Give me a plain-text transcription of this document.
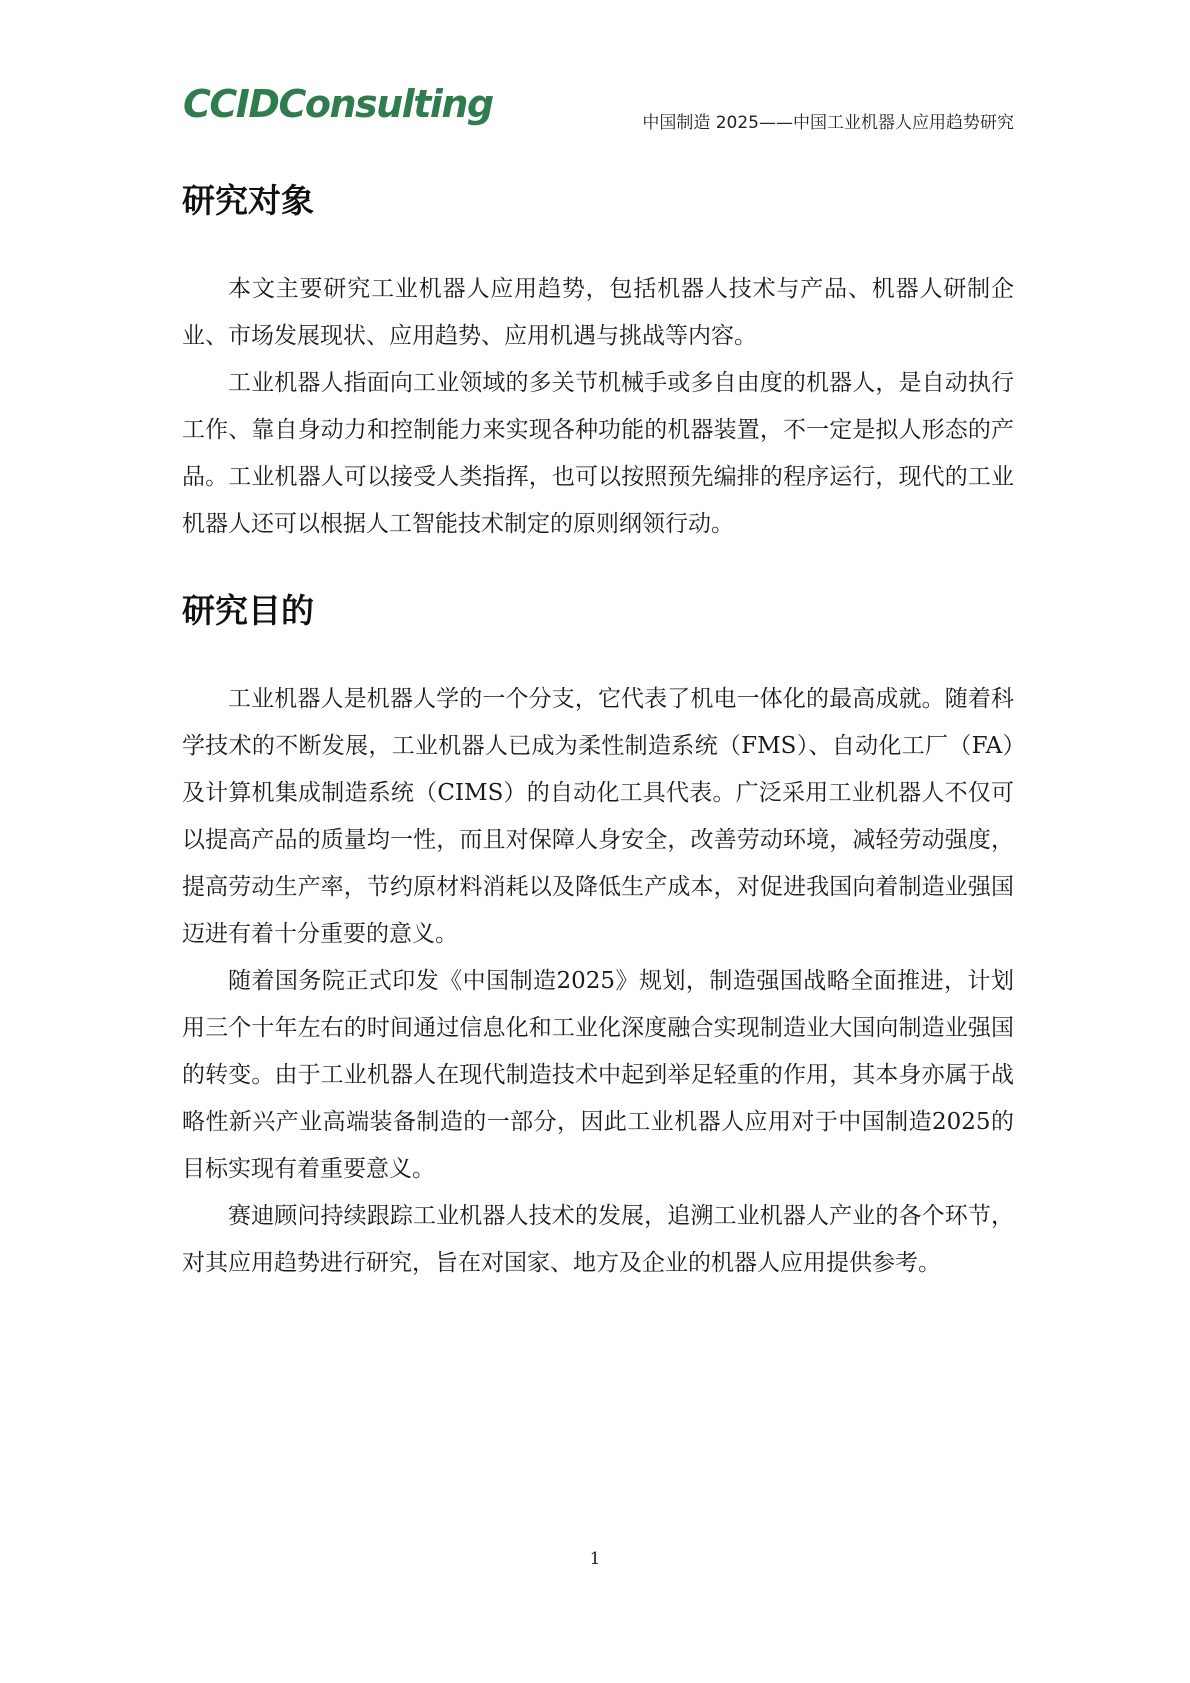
CCIDConsulting	中国制造 2025——中国工业机器人应用趋势研究
研究对象

本文主要研究工业机器人应用趋势，包括机器人技术与产品、机器人研制企业、市场发展现状、应用趋势、应用机遇与挑战等内容。

工业机器人指面向工业领域的多关节机械手或多自由度的机器人，是自动执行工作、靠自身动力和控制能力来实现各种功能的机器装置，不一定是拟人形态的产品。工业机器人可以接受人类指挥，也可以按照预先编排的程序运行，现代的工业机器人还可以根据人工智能技术制定的原则纲领行动。

研究目的

工业机器人是机器人学的一个分支，它代表了机电一体化的最高成就。随着科学技术的不断发展，工业机器人已成为柔性制造系统（FMS）、自动化工厂（FA）及计算机集成制造系统（CIMS）的自动化工具代表。广泛采用工业机器人不仅可以提高产品的质量均一性，而且对保障人身安全，改善劳动环境，减轻劳动强度，提高劳动生产率，节约原材料消耗以及降低生产成本，对促进我国向着制造业强国迈进有着十分重要的意义。

随着国务院正式印发《中国制造2025》规划，制造强国战略全面推进，计划用三个十年左右的时间通过信息化和工业化深度融合实现制造业大国向制造业强国的转变。由于工业机器人在现代制造技术中起到举足轻重的作用，其本身亦属于战略性新兴产业高端装备制造的一部分，因此工业机器人应用对于中国制造2025的目标实现有着重要意义。

赛迪顾问持续跟踪工业机器人技术的发展，追溯工业机器人产业的各个环节，对其应用趋势进行研究，旨在对国家、地方及企业的机器人应用提供参考。

1
